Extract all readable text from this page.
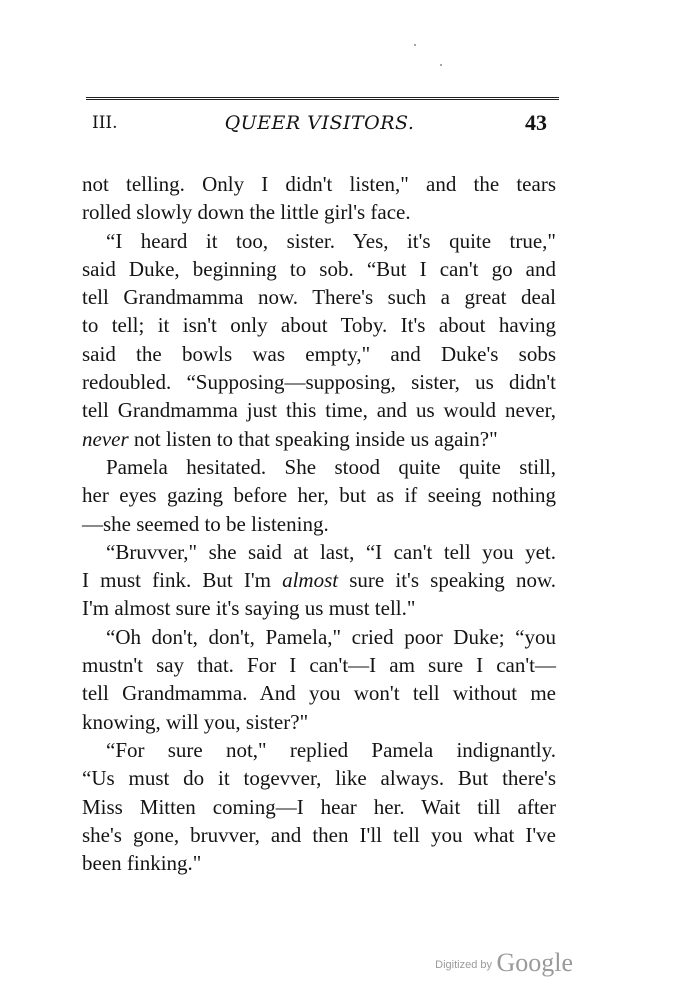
III.	QUEER VISITORS.	43
not telling. Only I didn't listen," and the tears
rolled slowly down the little girl's face.
“I heard it too, sister. Yes, it's quite true,"
said Duke, beginning to sob. “But I can't go and
tell Grandmamma now. There's such a great deal
to tell; it isn't only about Toby. It's about having
said the bowls was empty," and Duke's sobs
redoubled. “Supposing—supposing, sister, us didn't
tell Grandmamma just this time, and us would never,
never not listen to that speaking inside us again?"
Pamela hesitated. She stood quite quite still,
her eyes gazing before her, but as if seeing nothing
—she seemed to be listening.
“Bruvver," she said at last, “I can't tell you yet.
I must fink. But I'm almost sure it's speaking now.
I'm almost sure it's saying us must tell."
“Oh don't, don't, Pamela," cried poor Duke; “you
mustn't say that. For I can't—I am sure I can't—
tell Grandmamma. And you won't tell without me
knowing, will you, sister?"
“For sure not," replied Pamela indignantly.
“Us must do it togevver, like always. But there's
Miss Mitten coming—I hear her. Wait till after
she's gone, bruvver, and then I'll tell you what I've
been finking."
Digitized by Google
